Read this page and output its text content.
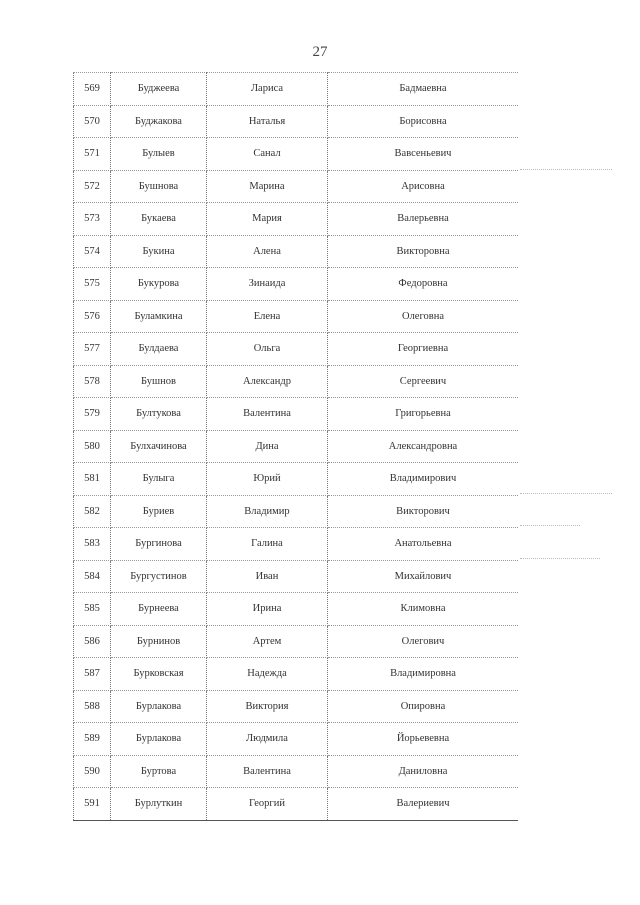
27
569	Буджеева	Лариса	Бадмаевна
570	Буджакова	Наталья	Борисовна
571	Булыев	Санал	Вавсеньевич
572	Бушнова	Марина	Арисовна
573	Букаева	Мария	Валерьевна
574	Букина	Алена	Викторовна
575	Букурова	Зинаида	Федоровна
576	Буламкина	Елена	Олеговна
577	Булдаева	Ольга	Георгиевна
578	Бушнов	Александр	Сергеевич
579	Бултукова	Валентина	Григорьевна
580	Булхачинова	Дина	Александровна
581	Булыга	Юрий	Владимирович
582	Буриев	Владимир	Викторович
583	Бургинова	Галина	Анатольевна
584	Бургустинов	Иван	Михайлович
585	Бурнеева	Ирина	Климовна
586	Бурнинов	Артем	Олегович
587	Бурковская	Надежда	Владимировна
588	Бурлакова	Виктория	Опировна
589	Бурлакова	Людмила	Йорьевевна
590	Буртова	Валентина	Даниловна
591	Бурлуткин	Георгий	Валериевич
